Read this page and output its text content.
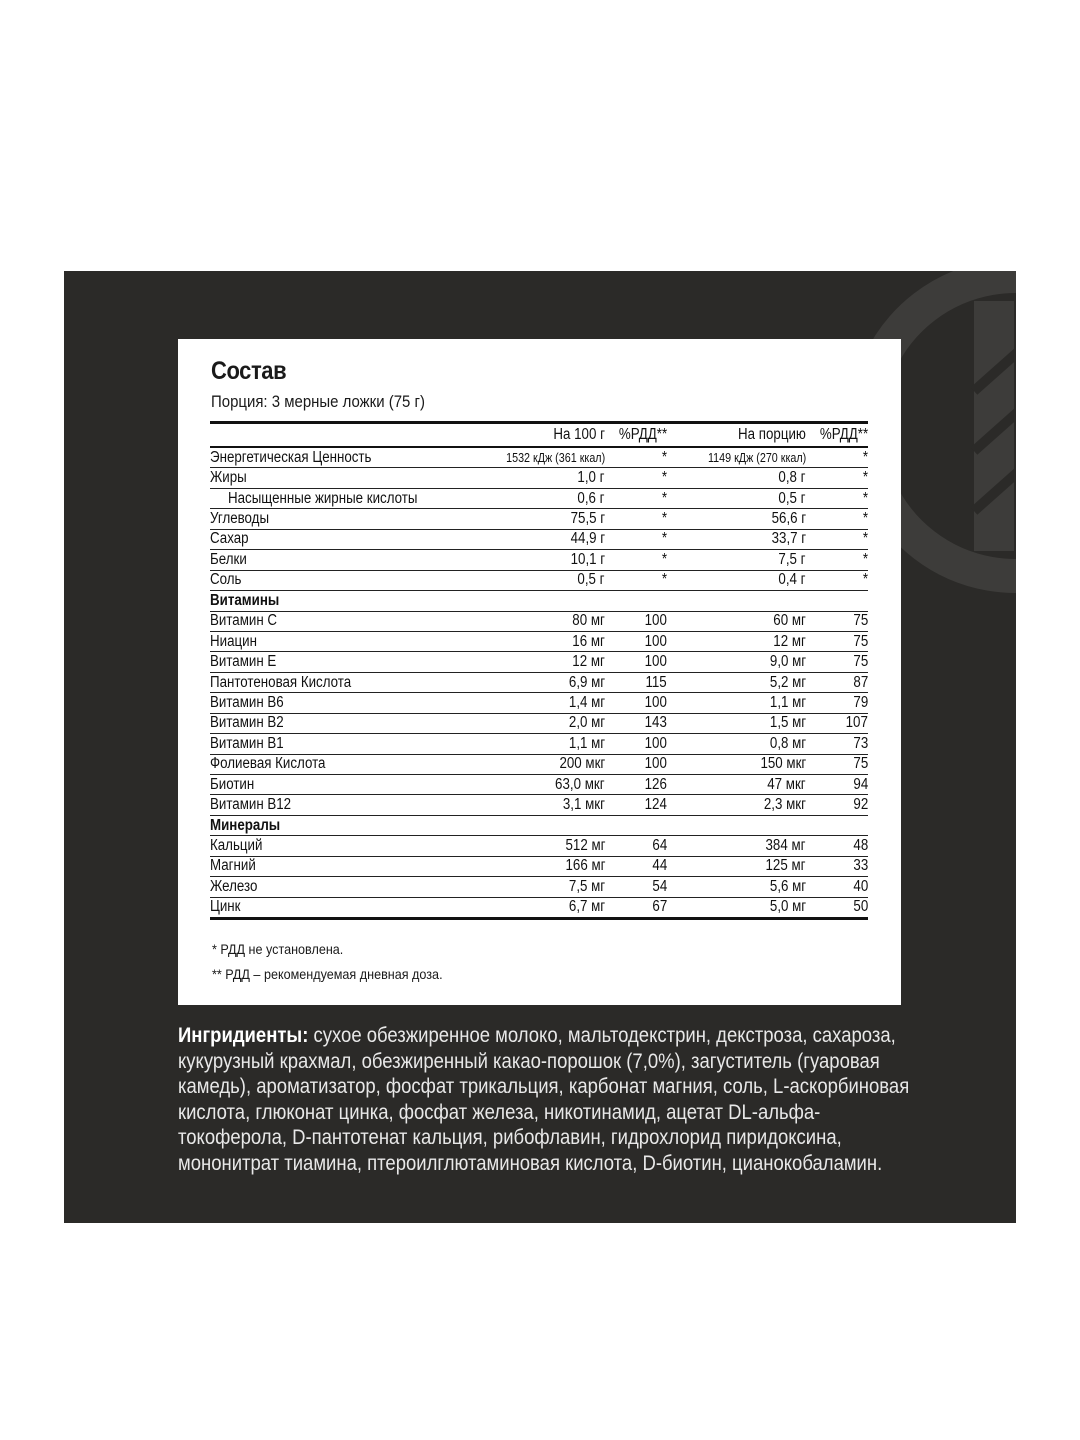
Состав
Порция: 3 мерные ложки (75 г)
	На 100 г	%РДД**	На порцию	%РДД**
Энергетическая Ценность	1532 кДж (361 ккал)	*	1149 кДж (270 ккал)	*
Жиры	1,0 г	*	0,8 г	*
Насыщенные жирные кислоты	0,6 г	*	0,5 г	*
Углеводы	75,5 г	*	56,6 г	*
Сахар	44,9 г	*	33,7 г	*
Белки	10,1 г	*	7,5 г	*
Соль	0,5 г	*	0,4 г	*
Витамины				
Витамин С	80 мг	100	60 мг	75
Ниацин	16 мг	100	12 мг	75
Витамин Е	12 мг	100	9,0 мг	75
Пантотеновая Кислота	6,9 мг	115	5,2 мг	87
Витамин В6	1,4 мг	100	1,1 мг	79
Витамин В2	2,0 мг	143	1,5 мг	107
Витамин В1	1,1 мг	100	0,8 мг	73
Фолиевая Кислота	200 мкг	100	150 мкг	75
Биотин	63,0 мкг	126	47 мкг	94
Витамин В12	3,1 мкг	124	2,3 мкг	92
Минералы				
Кальций	512 мг	64	384 мг	48
Магний	166 мг	44	125 мг	33
Железо	7,5 мг	54	5,6 мг	40
Цинк	6,7 мг	67	5,0 мг	50
* РДД не установлена.
** РДД – рекомендуемая дневная доза.
Ингридиенты: сухое обезжиренное молоко, мальтодекстрин, декстроза, сахароза, кукурузный крахмал, обезжиренный какао-порошок (7,0%), загуститель (гуаровая камедь), ароматизатор, фосфат трикальция, карбонат магния, соль, L-аскорбиновая кислота, глюконат цинка, фосфат железа, никотинамид, ацетат DL-альфа-токоферола, D-пантотенат кальция, рибофлавин, гидрохлорид пиридоксина, мононитрат тиамина, птероилглютаминовая кислота, D-биотин, цианокобаламин.
